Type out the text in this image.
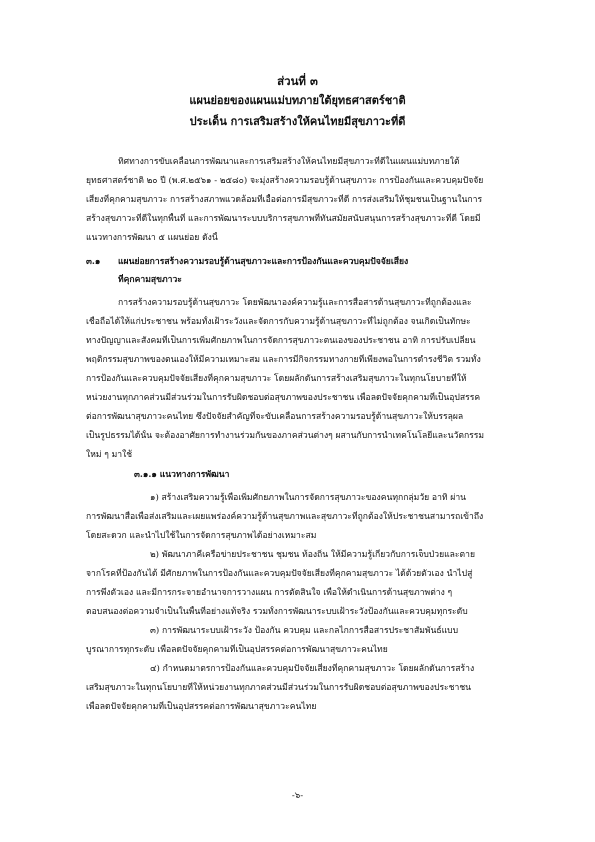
ส่วนที่ ๓
แผนย่อยของแผนแม่บทภายใต้ยุทธศาสตร์ชาติ
ประเด็น การเสริมสร้างให้คนไทยมีสุขภาวะที่ดี
ทิศทางการขับเคลื่อนการพัฒนาและการเสริมสร้างให้คนไทยมีสุขภาวะที่ดีในแผนแม่บทภายใต้
ยุทธศาสตร์ชาติ ๒๐ ปี (พ.ศ.๒๕๖๑ - ๒๕๘๐) จะมุ่งสร้างความรอบรู้ด้านสุขภาวะ การป้องกันและควบคุมปัจจัย
เสี่ยงที่คุกคามสุขภาวะ การสร้างสภาพแวดล้อมที่เอื้อต่อการมีสุขภาวะที่ดี การส่งเสริมให้ชุมชนเป็นฐานในการ
สร้างสุขภาวะที่ดีในทุกพื้นที่ และการพัฒนาระบบบริการสุขภาพที่ทันสมัยสนับสนุนการสร้างสุขภาวะที่ดี โดยมี
แนวทางการพัฒนา ๕ แผนย่อย ดังนี้
๓.๑ แผนย่อยการสร้างความรอบรู้ด้านสุขภาวะและการป้องกันและควบคุมปัจจัยเสี่ยง
ที่คุกคามสุขภาวะ
การสร้างความรอบรู้ด้านสุขภาวะ โดยพัฒนาองค์ความรู้และการสื่อสารด้านสุขภาวะที่ถูกต้องและ
เชื่อถือได้ให้แก่ประชาชน พร้อมทั้งเฝ้าระวังและจัดการกับความรู้ด้านสุขภาวะที่ไม่ถูกต้อง จนเกิดเป็นทักษะ
ทางปัญญาและสังคมที่เป็นการเพิ่มศักยภาพในการจัดการสุขภาวะตนเองของประชาชน อาทิ การปรับเปลี่ยน
พฤติกรรมสุขภาพของตนเองให้มีความเหมาะสม และการมีกิจกรรมทางกายที่เพียงพอในการดำรงชีวิต รวมทั้ง
การป้องกันและควบคุมปัจจัยเสี่ยงที่คุกคามสุขภาวะ โดยผลักดันการสร้างเสริมสุขภาวะในทุกนโยบายที่ให้
หน่วยงานทุกภาคส่วนมีส่วนร่วมในการรับผิดชอบต่อสุขภาพของประชาชน เพื่อลดปัจจัยคุกคามที่เป็นอุปสรรค
ต่อการพัฒนาสุขภาวะคนไทย ซึ่งปัจจัยสำคัญที่จะขับเคลื่อนการสร้างความรอบรู้ด้านสุขภาวะให้บรรลุผล
เป็นรูปธรรมได้นั้น จะต้องอาศัยการทำงานร่วมกันของภาคส่วนต่างๆ ผสานกับการนำเทคโนโลยีและนวัตกรรม
ใหม่ ๆ มาใช้
๓.๑.๑ แนวทางการพัฒนา
๑) สร้างเสริมความรู้เพื่อเพิ่มศักยภาพในการจัดการสุขภาวะของคนทุกกลุ่มวัย อาทิ ผ่าน
การพัฒนาสื่อเพื่อส่งเสริมและเผยแพร่องค์ความรู้ด้านสุขภาพและสุขภาวะที่ถูกต้องให้ประชาชนสามารถเข้าถึง
โดยสะดวก และนำไปใช้ในการจัดการสุขภาพได้อย่างเหมาะสม
๒) พัฒนาภาคีเครือข่ายประชาชน ชุมชน ท้องถิ่น ให้มีความรู้เกี่ยวกับการเจ็บป่วยและตาย
จากโรคที่ป้องกันได้ มีศักยภาพในการป้องกันและควบคุมปัจจัยเสี่ยงที่คุกคามสุขภาวะ ได้ด้วยตัวเอง นำไปสู่
การพึ่งตัวเอง และมีการกระจายอำนาจการวางแผน การตัดสินใจ เพื่อให้ดำเนินการด้านสุขภาพต่าง ๆ
ตอบสนองต่อความจำเป็นในพื้นที่อย่างแท้จริง รวมทั้งการพัฒนาระบบเฝ้าระวังป้องกันและควบคุมทุกระดับ
๓) การพัฒนาระบบเฝ้าระวัง ป้องกัน ควบคุม และกลไกการสื่อสารประชาสัมพันธ์แบบ
บูรณาการทุกระดับ เพื่อลดปัจจัยคุกคามที่เป็นอุปสรรคต่อการพัฒนาสุขภาวะคนไทย
๔) กำหนดมาตรการป้องกันและควบคุมปัจจัยเสี่ยงที่คุกคามสุขภาวะ โดยผลักดันการสร้าง
เสริมสุขภาวะในทุกนโยบายที่ให้หน่วยงานทุกภาคส่วนมีส่วนร่วมในการรับผิดชอบต่อสุขภาพของประชาชน
เพื่อลดปัจจัยคุกคามที่เป็นอุปสรรคต่อการพัฒนาสุขภาวะคนไทย
-๖-
